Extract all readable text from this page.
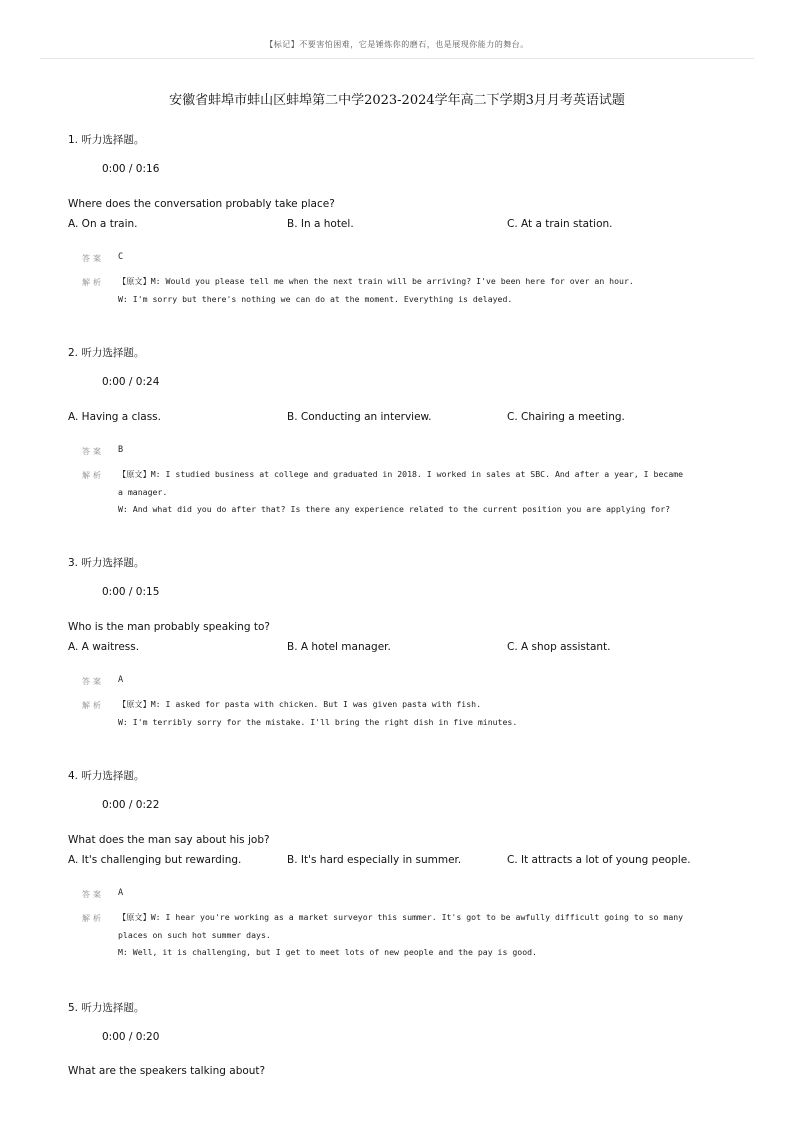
【标记】不要害怕困难，它是锤炼你的磨石，也是展现你能力的舞台。
安徽省蚌埠市蚌山区蚌埠第二中学2023-2024学年高二下学期3月月考英语试题
1. 听力选择题。
0:00 / 0:16
Where does the conversation probably take place?
A. On a train.	B. In a hotel.	C. At a train station.
答案 C
解析 【原文】M: Would you please tell me when the next train will be arriving? I've been here for over an hour.
W: I'm sorry but there's nothing we can do at the moment. Everything is delayed.
2. 听力选择题。
0:00 / 0:24
A. Having a class.	B. Conducting an interview.	C. Chairing a meeting.
答案 B
解析 【原文】M: I studied business at college and graduated in 2018. I worked in sales at SBC. And after a year, I became
a manager.
W: And what did you do after that? Is there any experience related to the current position you are applying for?
3. 听力选择题。
0:00 / 0:15
Who is the man probably speaking to?
A. A waitress.	B. A hotel manager.	C. A shop assistant.
答案 A
解析 【原文】M: I asked for pasta with chicken. But I was given pasta with fish.
W: I'm terribly sorry for the mistake. I'll bring the right dish in five minutes.
4. 听力选择题。
0:00 / 0:22
What does the man say about his job?
A. It's challenging but rewarding.	B. It's hard especially in summer.	C. It attracts a lot of young people.
答案 A
解析 【原文】W: I hear you're working as a market surveyor this summer. It's got to be awfully difficult going to so many
places on such hot summer days.
M: Well, it is challenging, but I get to meet lots of new people and the pay is good.
5. 听力选择题。
0:00 / 0:20
What are the speakers talking about?
